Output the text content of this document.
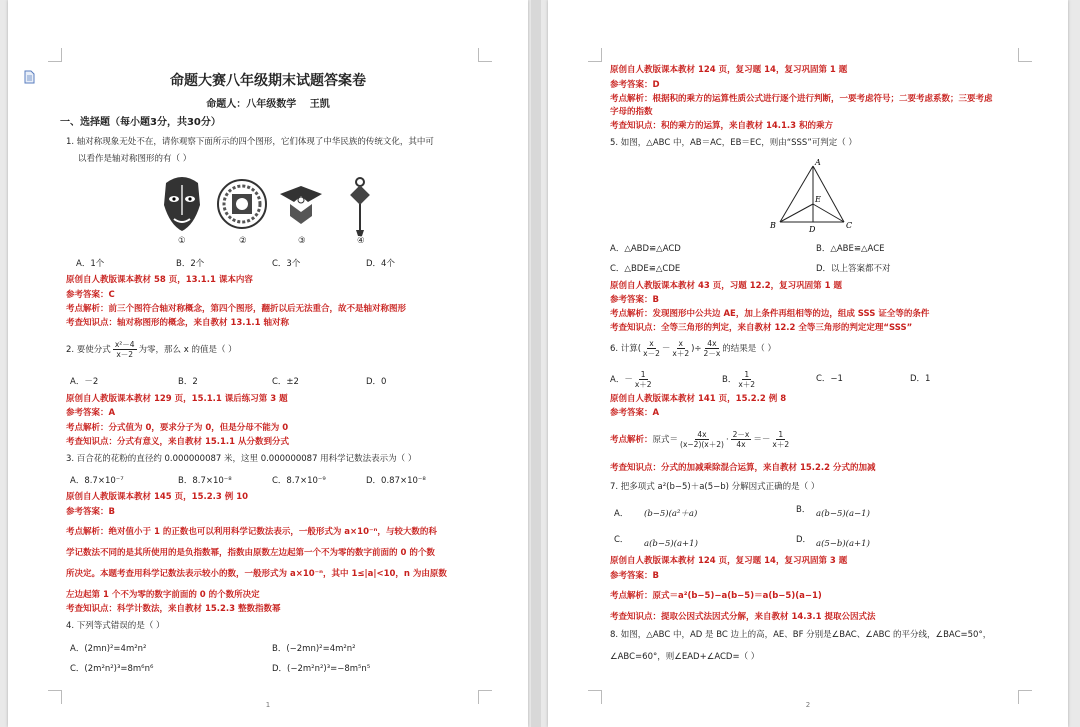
命题大赛八年级期末试题答案卷
命题人：八年级数学 王凯
一、选择题（每小题3分，共30分）
1. 轴对称现象无处不在，请你观察下面所示的四个图形，它们体现了中华民族的传统文化，其中可
以看作是轴对称图形的有（ ）
①	②	③	④
A．1个	B．2个	C．3个	D．4个
原创自人教版课本教材 58 页，13.1.1 课本内容
参考答案：C
考点解析：前三个图符合轴对称概念，第四个图形，翻折以后无法重合，故不是轴对称图形
考查知识点：轴对称图形的概念，来自教材 13.1.1 轴对称
2. 要使分式 $\frac{\text{x²－4}}{x-2}$ 为零，那么 x 的值是（ ）
A．－2	B．2	C．±2	D．0
原创自人教版课本教材 129 页，15.1.1 课后练习第 3 题
参考答案：A
考点解析：分式值为 0，要求分子为 0，但是分母不能为 0
考查知识点：分式有意义，来自教材 15.1.1 从分数到分式
3. 百合花的花粉的直径约 0.000000087 米，这里 0.000000087 用科学记数法表示为（ ）
A．8.7×10⁻⁷	B．8.7×10⁻⁸	C．8.7×10⁻⁹	D．0.87×10⁻⁸
原创自人教版课本教材 145 页，15.2.3 例 10
参考答案：B
考点解析：绝对值小于 1 的正数也可以利用科学记数法表示，一般形式为 a×10⁻ⁿ，与较大数的科
学记数法不同的是其所使用的是负指数幂，指数由原数左边起第一个不为零的数字前面的 0 的个数
所决定。本题考查用科学记数法表示较小的数，一般形式为 a×10⁻ⁿ，其中 1≤|a|<10，n 为由原数
左边起第 1 个不为零的数字前面的 0 的个数所决定
考查知识点：科学计数法，来自教材 15.2.3 整数指数幂
4. 下列等式错误的是（ ）
A．(2mn)²=4m²n²	B．(−2mn)²=4m²n²
C．(2m²n²)³=8m⁶n⁶	D．(−2m²n²)³=−8m⁵n⁵
1
原创自人教版课本教材 124 页，复习题 14，复习巩固第 1 题
参考答案：D
考点解析：根据积的乘方的运算性质公式进行逐个进行判断，一要考虑符号；二要考虑系数；三要考虑
字母的指数
考查知识点：积的乘方的运算，来自教材 14.1.3 积的乘方
5. 如图，△ABC 中，AB＝AC，EB＝EC，则由“SSS”可判定（ ）
A
E
B	D	C
A．△ABD≌△ACD	B．△ABE≌△ACE
C．△BDE≌△CDE	D．以上答案都不对
原创自人教版课本教材 43 页，习题 12.2，复习巩固第 1 题
参考答案：B
考点解析：发现图形中公共边 AE，加上条件再组相等的边，组成 SSS 证全等的条件
考查知识点：全等三角形的判定，来自教材 12.2 全等三角形的判定定理“SSS”
6. 计算( $\frac{x}{x-2} - \frac{x}{x+2}$ )÷ $\frac{4x}{2-x}$ 的结果是（ ）
A．－ $\frac{1}{x+2}$	B． $\frac{1}{x+2}$	C．−1	D．1
原创自人教版课本教材 141 页，15.2.2 例 8
参考答案：A
考点解析：原式＝ $\frac{4x}{(x-2)(x+2)} \cdot \frac{2-x}{4x} =- \frac{1}{x+2}$
考查知识点：分式的加减乘除混合运算，来自教材 15.2.2 分式的加减
7. 把多项式 a²(b−5)＋a(5−b) 分解因式正确的是（ ）
A． (b−5)(a²＋a)	B． a(b−5)(a−1)
C． a(b−5)(a+1)	D． a(5−b)(a+1)
原创自人教版课本教材 124 页，复习题 14，复习巩固第 3 题
参考答案：B
考点解析：原式＝a²(b−5)−a(b−5)＝a(b−5)(a−1)
考查知识点：提取公因式法因式分解，来自教材 14.3.1 提取公因式法
8. 如图，△ABC 中，AD 是 BC 边上的高，AE、BF 分别是∠BAC、∠ABC 的平分线，∠BAC=50°，
∠ABC=60°，则∠EAD+∠ACD=（ ）
2
